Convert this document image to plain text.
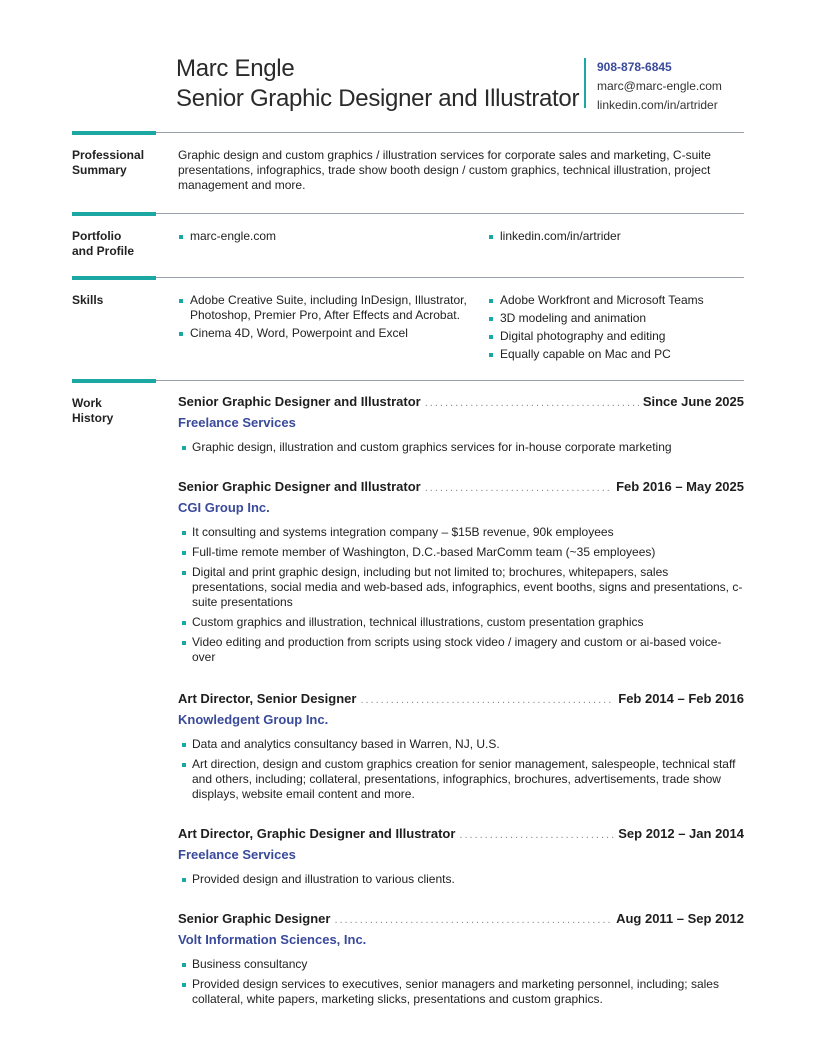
Marc Engle
Senior Graphic Designer and Illustrator
908-878-6845
marc@marc-engle.com
linkedin.com/in/artrider
Professional
Summary
Graphic design and custom graphics / illustration services for corporate sales and marketing, C-suite presentations, infographics, trade show booth design / custom graphics, technical illustration, project management and more.
Portfolio
and Profile
marc-engle.com	linkedin.com/in/artrider
Skills	Adobe Creative Suite, including InDesign, Illustrator, Photoshop, Premier Pro, After Effects and Acrobat.
Cinema 4D, Word, Powerpoint and Excel
Adobe Workfront and Microsoft Teams
3D modeling and animation
Digital photography and editing
Equally capable on Mac and PC
Work
History
Senior Graphic Designer and Illustrator .....	Since June 2025
Freelance Services
Graphic design, illustration and custom graphics services for in-house corporate marketing
Senior Graphic Designer and Illustrator .....	Feb 2016 – May 2025
CGI Group Inc.
It consulting and systems integration company – $15B revenue, 90k employees
Full-time remote member of Washington, D.C.-based MarComm team (~35 employees)
Digital and print graphic design, including but not limited to; brochures, whitepapers, sales presentations, social media and web-based ads, infographics, event booths, signs and presentations, c-suite presentations
Custom graphics and illustration, technical illustrations, custom presentation graphics
Video editing and production from scripts using stock video / imagery and custom or ai-based voice-over
Art Director, Senior Designer .....	Feb 2014 – Feb 2016
Knowledgent Group Inc.
Data and analytics consultancy based in Warren, NJ, U.S.
Art direction, design and custom graphics creation for senior management, salespeople, technical staff and others, including; collateral, presentations, infographics, brochures, advertisements, trade show displays, website email content and more.
Art Director, Graphic Designer and Illustrator .....	Sep 2012 – Jan 2014
Freelance Services
Provided design and illustration to various clients.
Senior Graphic Designer .....	Aug 2011 – Sep 2012
Volt Information Sciences, Inc.
Business consultancy
Provided design services to executives, senior managers and marketing personnel, including; sales collateral, white papers, marketing slicks, presentations and custom graphics.
